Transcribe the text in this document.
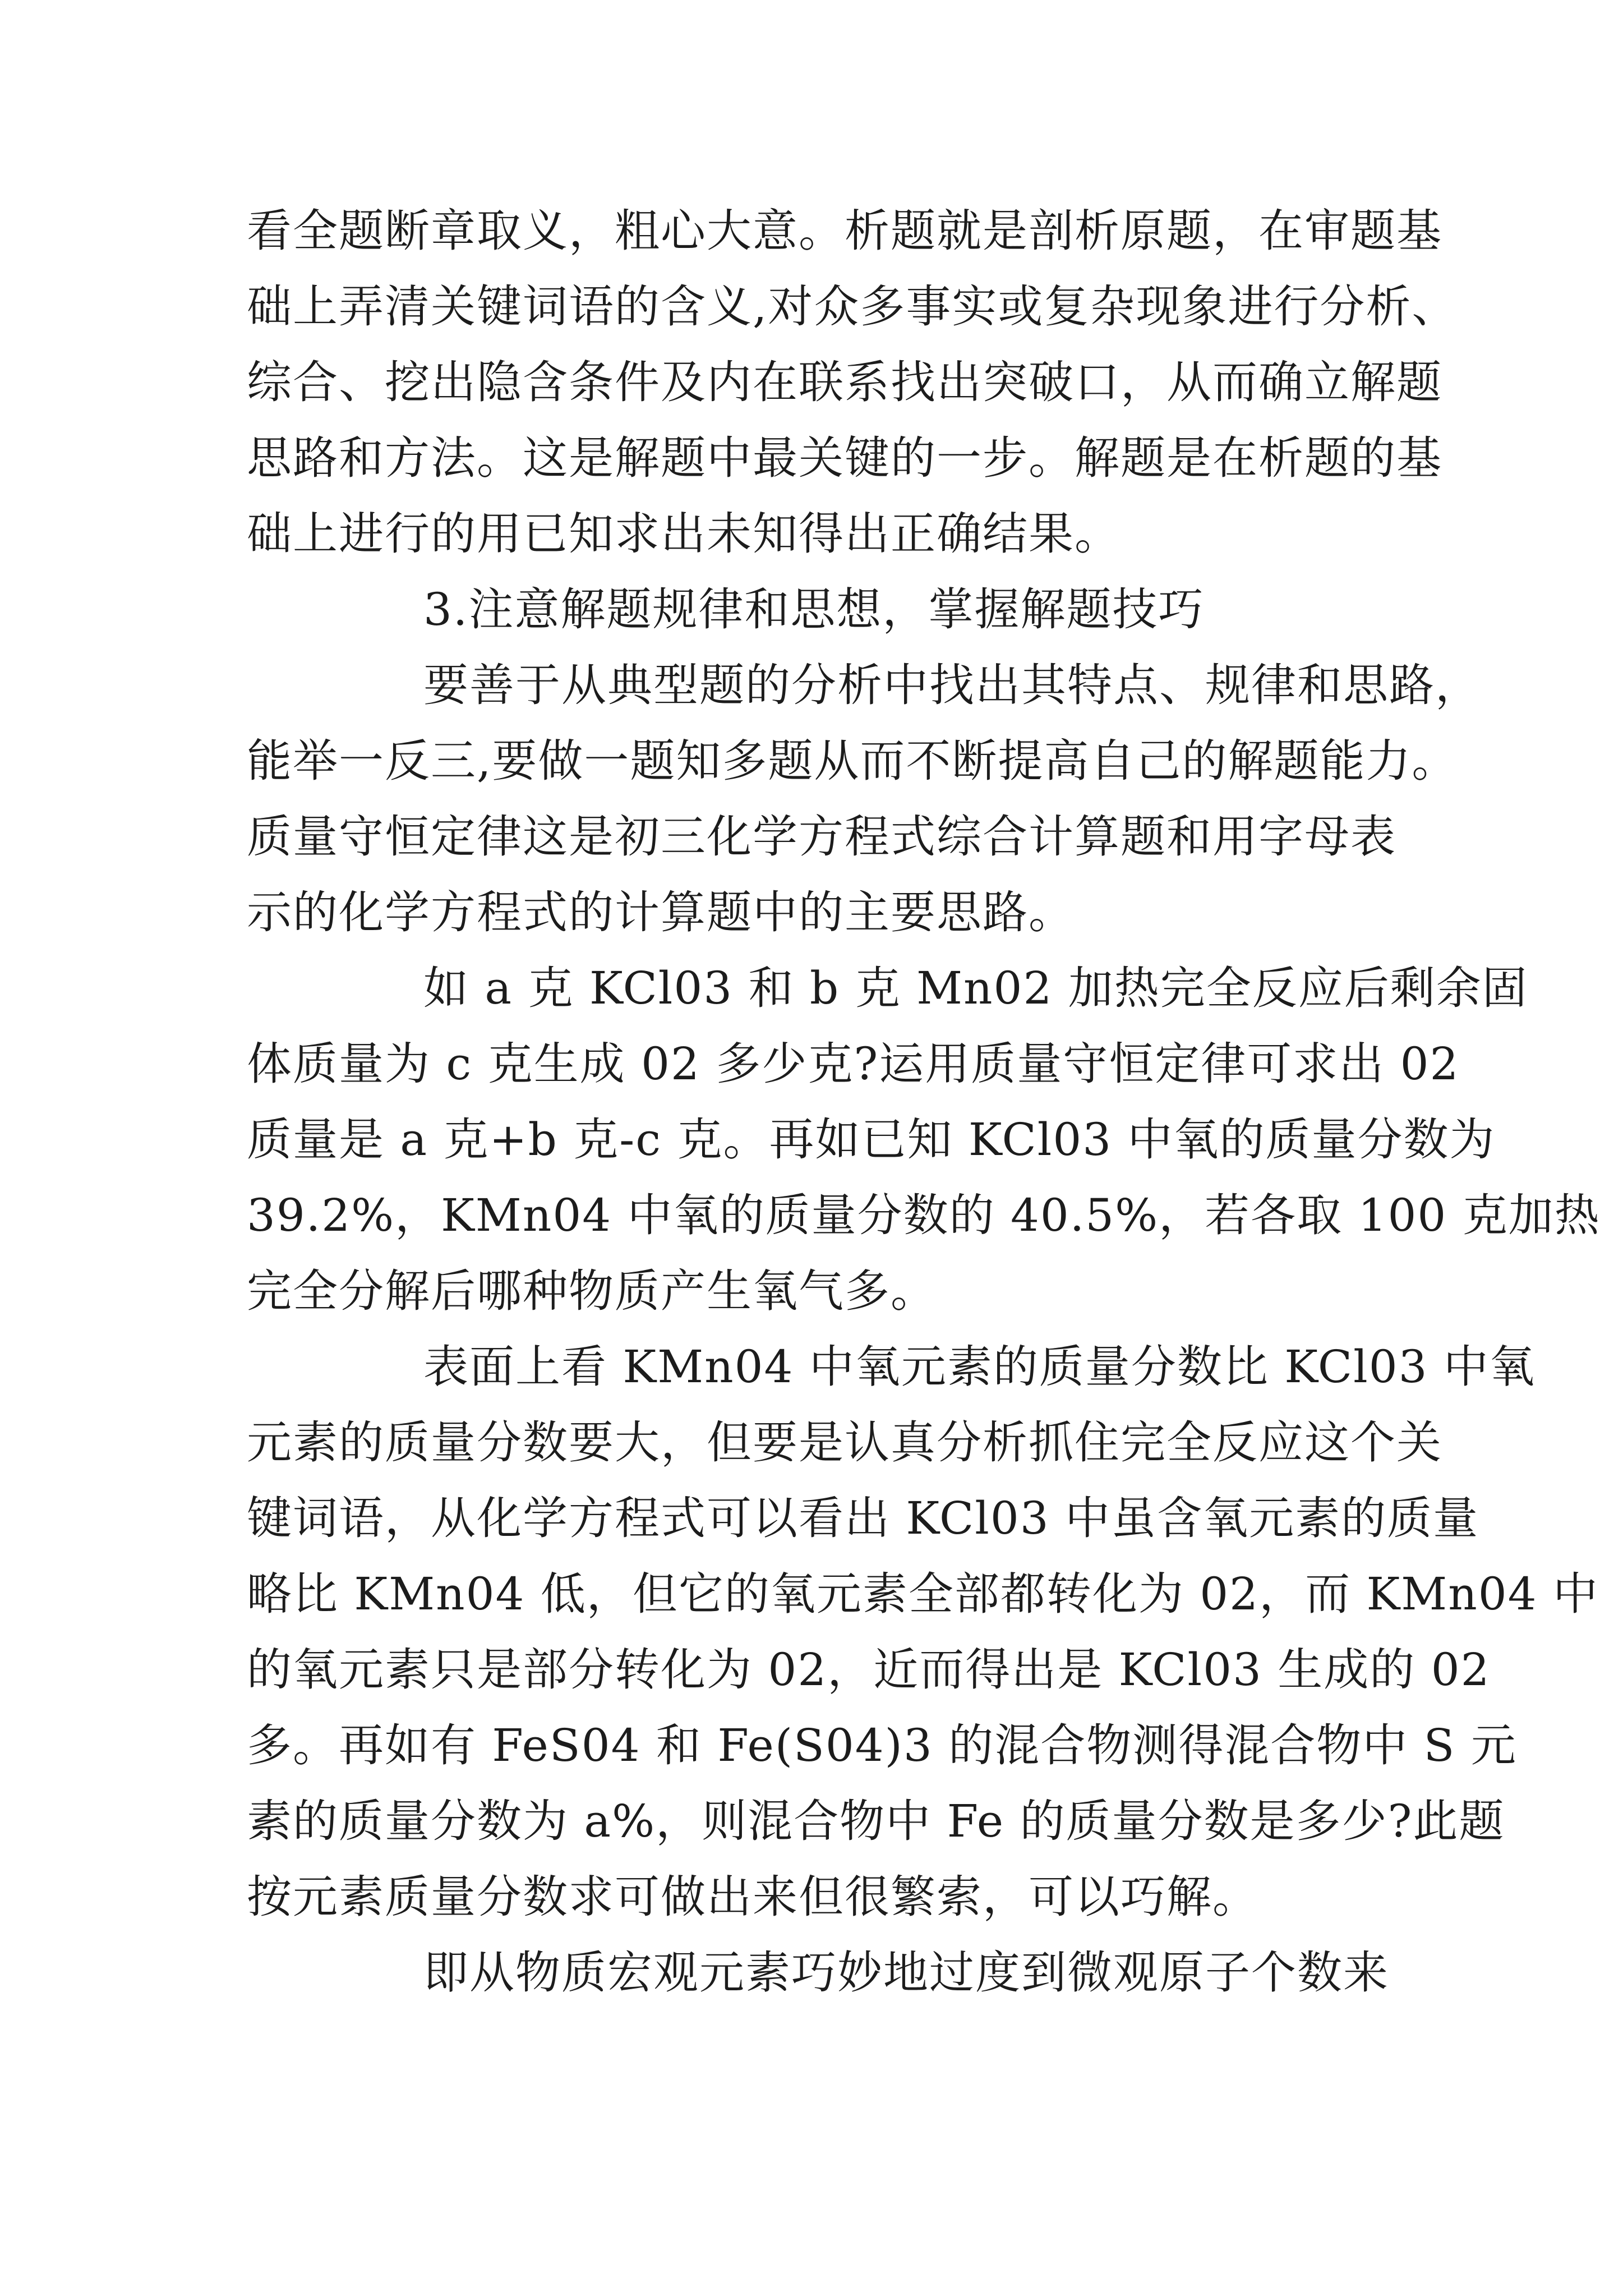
看全题断章取义，粗心大意。析题就是剖析原题，在审题基
础上弄清关键词语的含义,对众多事实或复杂现象进行分析、
综合、挖出隐含条件及内在联系找出突破口，从而确立解题
思路和方法。这是解题中最关键的一步。解题是在析题的基
础上进行的用已知求出未知得出正确结果。
3.注意解题规律和思想，掌握解题技巧
要善于从典型题的分析中找出其特点、规律和思路，
能举一反三,要做一题知多题从而不断提高自己的解题能力。
质量守恒定律这是初三化学方程式综合计算题和用字母表
示的化学方程式的计算题中的主要思路。
如 a 克 KCl03 和 b 克 Mn02 加热完全反应后剩余固
体质量为 c 克生成 02 多少克?运用质量守恒定律可求出 02
质量是 a 克+b 克-c 克。再如已知 KCl03 中氧的质量分数为
39.2%，KMn04 中氧的质量分数的 40.5%，若各取 100 克加热
完全分解后哪种物质产生氧气多。
表面上看 KMn04 中氧元素的质量分数比 KCl03 中氧
元素的质量分数要大，但要是认真分析抓住完全反应这个关
键词语，从化学方程式可以看出 KCl03 中虽含氧元素的质量
略比 KMn04 低，但它的氧元素全部都转化为 02，而 KMn04 中
的氧元素只是部分转化为 02，近而得出是 KCl03 生成的 02
多。再如有 FeS04 和 Fe(S04)3 的混合物测得混合物中 S 元
素的质量分数为 a%，则混合物中 Fe 的质量分数是多少?此题
按元素质量分数求可做出来但很繁索，可以巧解。
即从物质宏观元素巧妙地过度到微观原子个数来
